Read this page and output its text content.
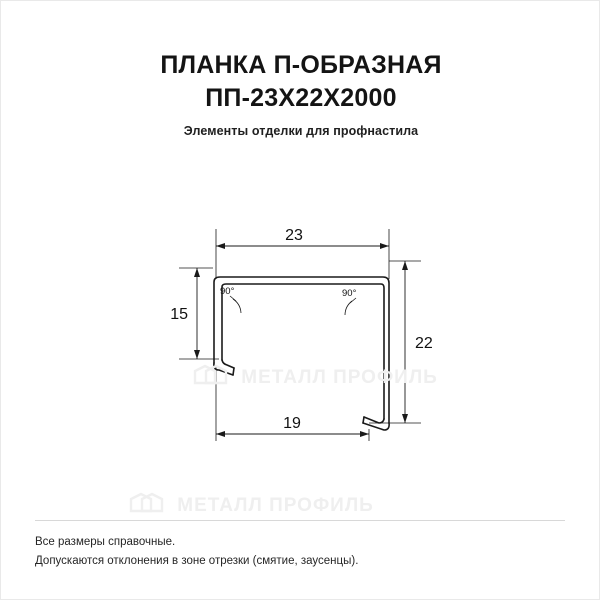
ПЛАНКА П-ОБРАЗНАЯ
ПП-23Х22Х2000
Элементы отделки для профнастила
МЕТАЛЛ ПРОФИЛЬ
МЕТАЛЛ ПРОФИЛЬ
90°	90°
23
15
22
19
Все размеры справочные.
Допускаются отклонения в зоне отрезки (смятие, заусенцы).
